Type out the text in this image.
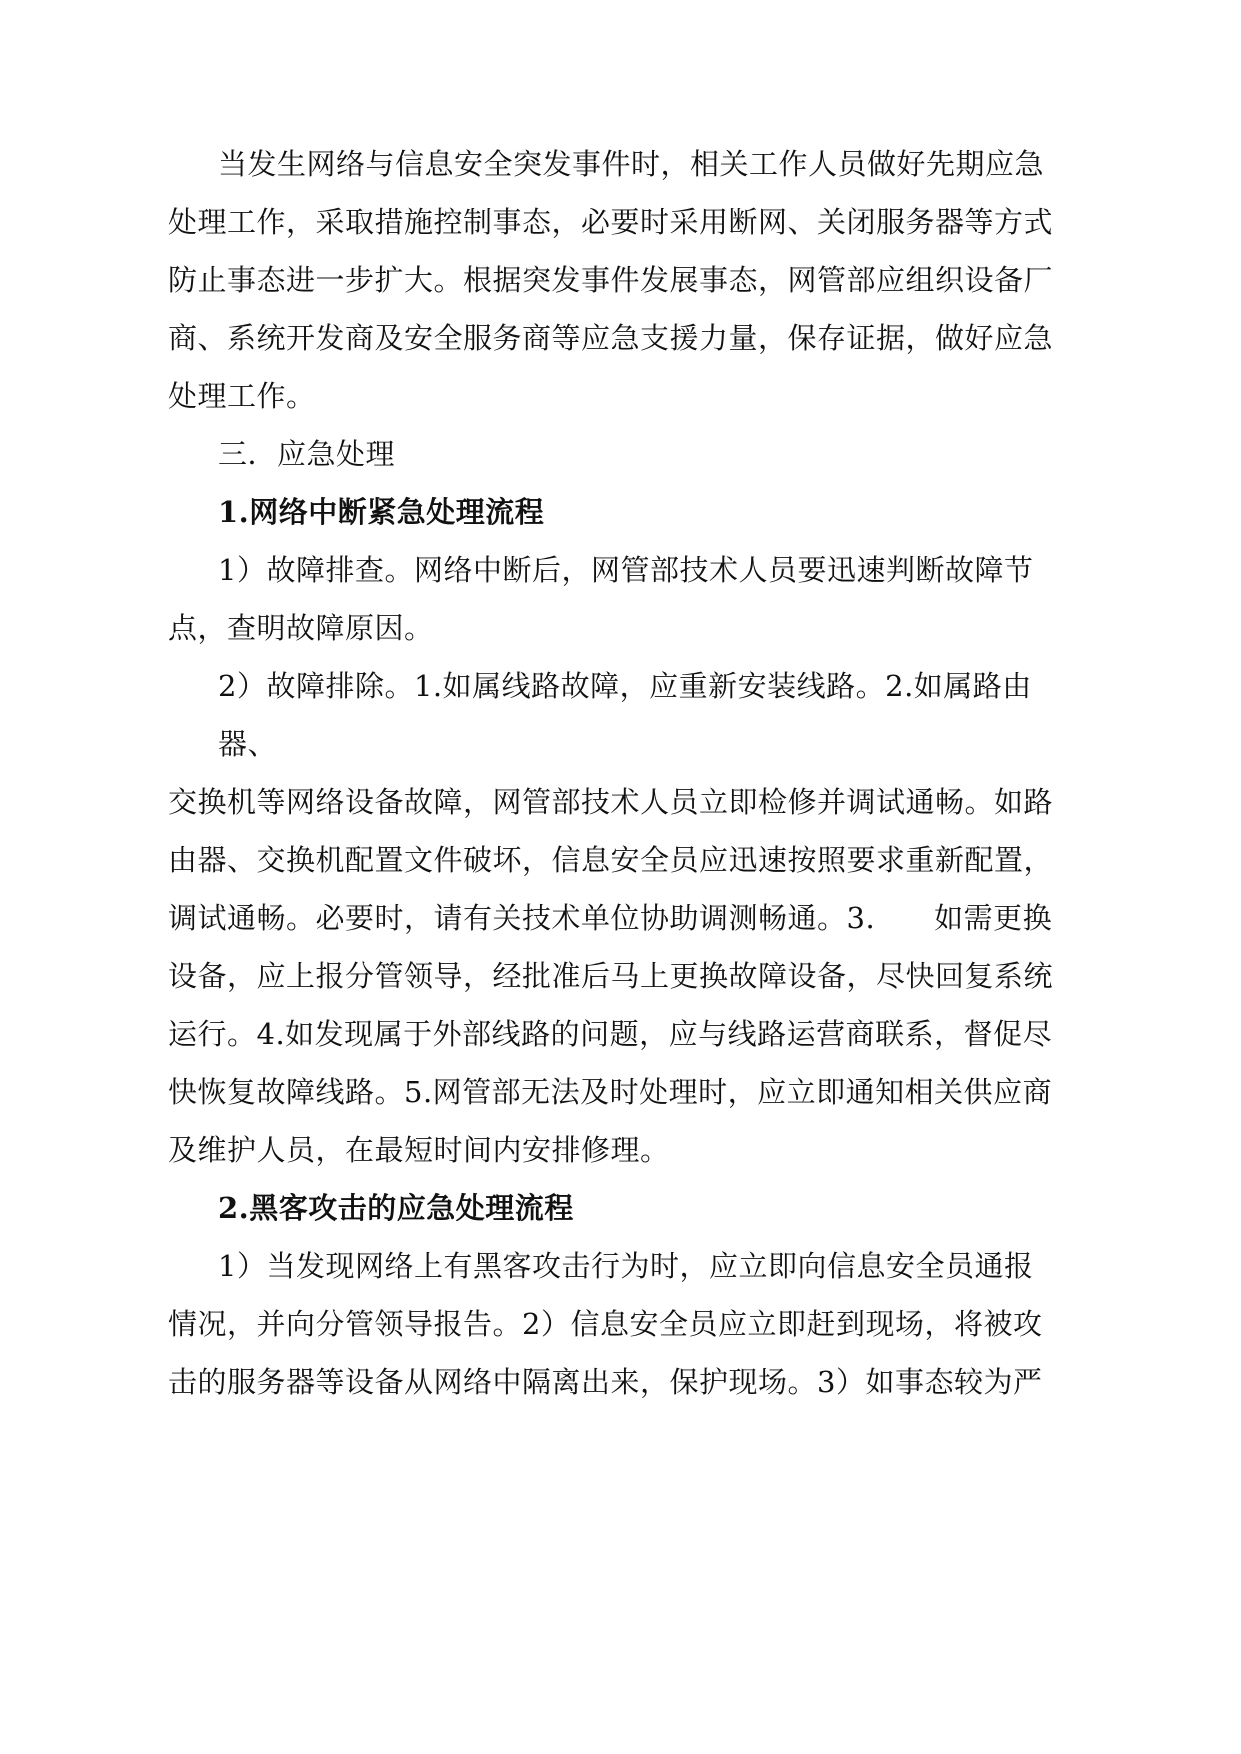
当发生网络与信息安全突发事件时，相关工作人员做好先期应急
处理工作，采取措施控制事态，必要时采用断网、关闭服务器等方式
防止事态进一步扩大。根据突发事件发展事态，网管部应组织设备厂
商、系统开发商及安全服务商等应急支援力量，保存证据，做好应急
处理工作。
三．应急处理
1.网络中断紧急处理流程
1）故障排查。网络中断后，网管部技术人员要迅速判断故障节
点，查明故障原因。
2）故障排除。1.如属线路故障，应重新安装线路。2.如属路由
器、
交换机等网络设备故障，网管部技术人员立即检修并调试通畅。如路
由器、交换机配置文件破坏，信息安全员应迅速按照要求重新配置，
调试通畅。必要时，请有关技术单位协助调测畅通。3.　　如需更换
设备，应上报分管领导，经批准后马上更换故障设备，尽快回复系统
运行。4.如发现属于外部线路的问题，应与线路运营商联系，督促尽
快恢复故障线路。5.网管部无法及时处理时，应立即通知相关供应商
及维护人员，在最短时间内安排修理。
2.黑客攻击的应急处理流程
1）当发现网络上有黑客攻击行为时，应立即向信息安全员通报
情况，并向分管领导报告。2）信息安全员应立即赶到现场，将被攻
击的服务器等设备从网络中隔离出来，保护现场。3）如事态较为严
